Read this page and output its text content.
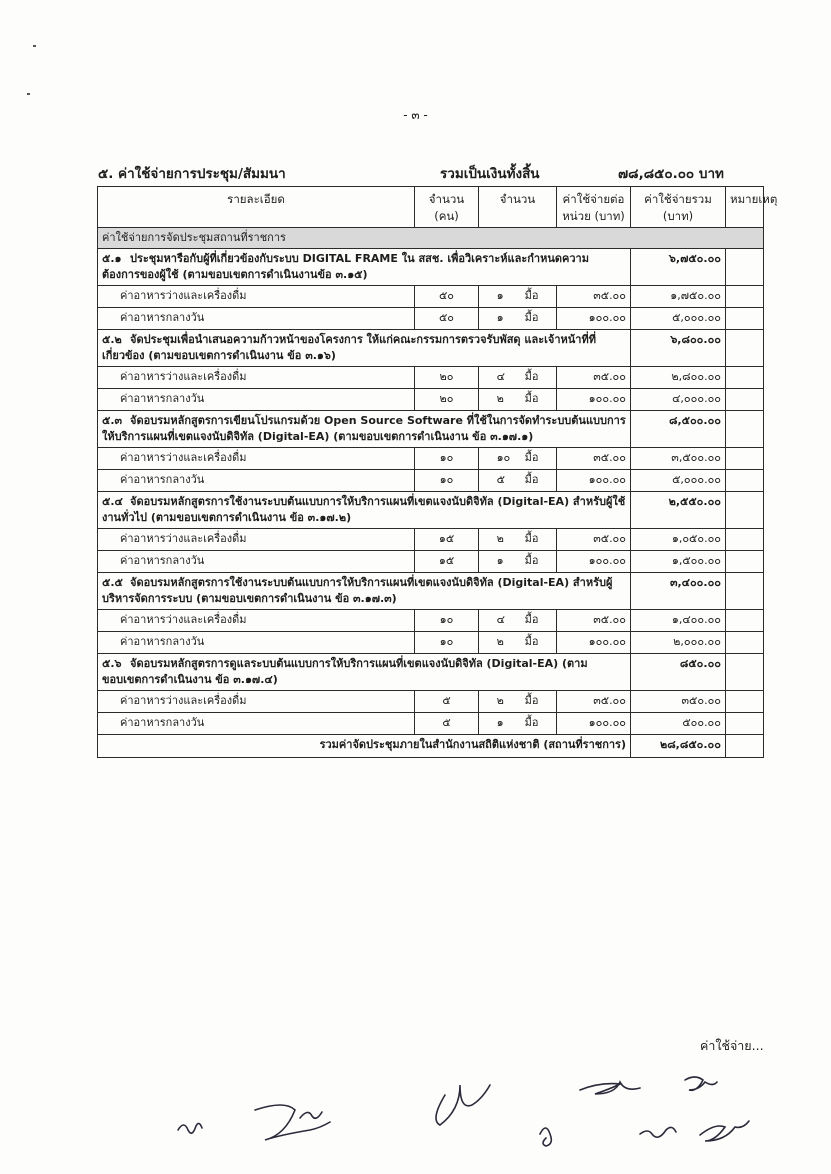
- ๓ -
๕. ค่าใช้จ่ายการประชุม/สัมมนา	รวมเป็นเงินทั้งสิ้น	๗๘,๘๕๐.๐๐ บาท
รายละเอียด	จำนวน (คน)	จำนวน	ค่าใช้จ่ายต่อหน่วย (บาท)	ค่าใช้จ่ายรวม (บาท)	หมายเหตุ
ค่าใช้จ่ายการจัดประชุมสถานที่ราชการ					
๕.๑ ประชุมหารือกับผู้ที่เกี่ยวข้องกับระบบ DIGITAL FRAME ใน สสช. เพื่อวิเคราะห์และกำหนดความต้องการของผู้ใช้ (ตามขอบเขตการดำเนินงานข้อ ๓.๑๕)				๖,๗๕๐.๐๐	
ค่าอาหารว่างและเครื่องดื่ม	๕๐	๑ มื้อ	๓๕.๐๐	๑,๗๕๐.๐๐	
ค่าอาหารกลางวัน	๕๐	๑ มื้อ	๑๐๐.๐๐	๕,๐๐๐.๐๐	
๕.๒ จัดประชุมเพื่อนำเสนอความก้าวหน้าของโครงการ ให้แก่คณะกรรมการตรวจรับพัสดุ และเจ้าหน้าที่ที่เกี่ยวข้อง (ตามขอบเขตการดำเนินงาน ข้อ ๓.๑๖)				๖,๘๐๐.๐๐	
ค่าอาหารว่างและเครื่องดื่ม	๒๐	๔ มื้อ	๓๕.๐๐	๒,๘๐๐.๐๐	
ค่าอาหารกลางวัน	๒๐	๒ มื้อ	๑๐๐.๐๐	๔,๐๐๐.๐๐	
๕.๓ จัดอบรมหลักสูตรการเขียนโปรแกรมด้วย Open Source Software ที่ใช้ในการจัดทำระบบต้นแบบการให้บริการแผนที่เขตแจงนับดิจิทัล (Digital-EA) (ตามขอบเขตการดำเนินงาน ข้อ ๓.๑๗.๑)				๘,๕๐๐.๐๐	
ค่าอาหารว่างและเครื่องดื่ม	๑๐	๑๐ มื้อ	๓๕.๐๐	๓,๕๐๐.๐๐	
ค่าอาหารกลางวัน	๑๐	๕ มื้อ	๑๐๐.๐๐	๕,๐๐๐.๐๐	
๕.๔ จัดอบรมหลักสูตรการใช้งานระบบต้นแบบการให้บริการแผนที่เขตแจงนับดิจิทัล (Digital-EA) สำหรับผู้ใช้งานทั่วไป (ตามขอบเขตการดำเนินงาน ข้อ ๓.๑๗.๒)				๒,๕๕๐.๐๐	
ค่าอาหารว่างและเครื่องดื่ม	๑๕	๒ มื้อ	๓๕.๐๐	๑,๐๕๐.๐๐	
ค่าอาหารกลางวัน	๑๕	๑ มื้อ	๑๐๐.๐๐	๑,๕๐๐.๐๐	
๕.๕ จัดอบรมหลักสูตรการใช้งานระบบต้นแบบการให้บริการแผนที่เขตแจงนับดิจิทัล (Digital-EA) สำหรับผู้บริหารจัดการระบบ (ตามขอบเขตการดำเนินงาน ข้อ ๓.๑๗.๓)				๓,๔๐๐.๐๐	
ค่าอาหารว่างและเครื่องดื่ม	๑๐	๔ มื้อ	๓๕.๐๐	๑,๔๐๐.๐๐	
ค่าอาหารกลางวัน	๑๐	๒ มื้อ	๑๐๐.๐๐	๒,๐๐๐.๐๐	
๕.๖ จัดอบรมหลักสูตรการดูแลระบบต้นแบบการให้บริการแผนที่เขตแจงนับดิจิทัล (Digital-EA) (ตามขอบเขตการดำเนินงาน ข้อ ๓.๑๗.๔)				๘๕๐.๐๐	
ค่าอาหารว่างและเครื่องดื่ม	๕	๒ มื้อ	๓๕.๐๐	๓๕๐.๐๐	
ค่าอาหารกลางวัน	๕	๑ มื้อ	๑๐๐.๐๐	๕๐๐.๐๐	
รวมค่าจัดประชุมภายในสำนักงานสถิติแห่งชาติ (สถานที่ราชการ)				๒๘,๘๕๐.๐๐	
ค่าใช้จ่าย...
